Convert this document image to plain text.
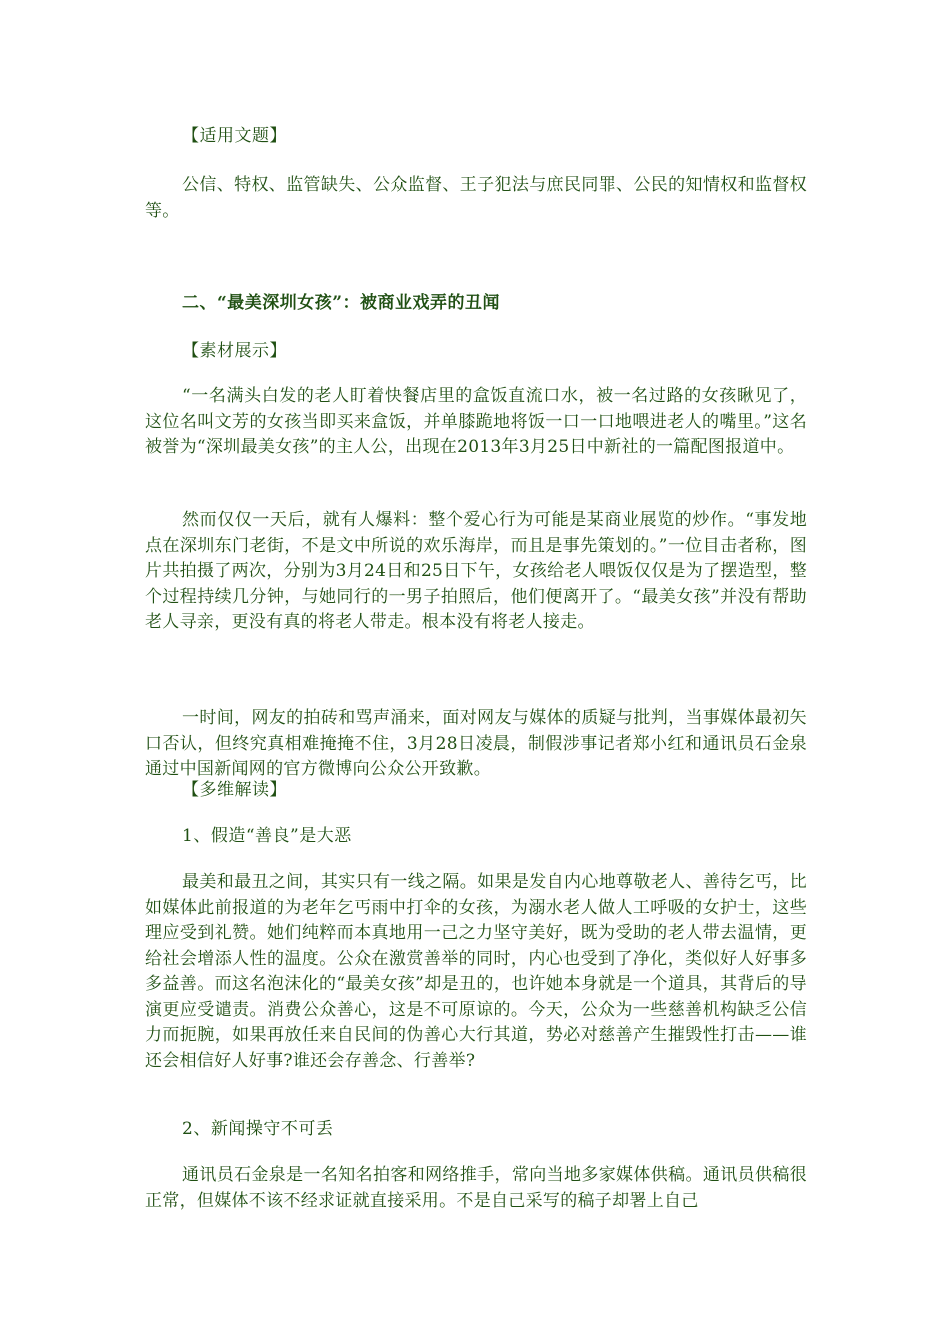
【适用文题】

公信、特权、监管缺失、公众监督、王子犯法与庶民同罪、公民的知情权和监督权等。

二、“最美深圳女孩”：被商业戏弄的丑闻

【素材展示】

“一名满头白发的老人盯着快餐店里的盒饭直流口水，被一名过路的女孩瞅见了，这位名叫文芳的女孩当即买来盒饭，并单膝跪地将饭一口一口地喂进老人的嘴里。”这名被誉为“深圳最美女孩”的主人公，出现在2013年3月25日中新社的一篇配图报道中。

然而仅仅一天后，就有人爆料：整个爱心行为可能是某商业展览的炒作。“事发地点在深圳东门老街，不是文中所说的欢乐海岸，而且是事先策划的。”一位目击者称，图片共拍摄了两次，分别为3月24日和25日下午，女孩给老人喂饭仅仅是为了摆造型，整个过程持续几分钟，与她同行的一男子拍照后，他们便离开了。“最美女孩”并没有帮助老人寻亲，更没有真的将老人带走。根本没有将老人接走。

一时间，网友的拍砖和骂声涌来，面对网友与媒体的质疑与批判，当事媒体最初矢口否认，但终究真相难掩掩不住，3月28日凌晨，制假涉事记者郑小红和通讯员石金泉通过中国新闻网的官方微博向公众公开致歉。

【多维解读】

1、假造“善良”是大恶

最美和最丑之间，其实只有一线之隔。如果是发自内心地尊敬老人、善待乞丐，比如媒体此前报道的为老年乞丐雨中打伞的女孩，为溺水老人做人工呼吸的女护士，这些理应受到礼赞。她们纯粹而本真地用一己之力坚守美好，既为受助的老人带去温情，更给社会增添人性的温度。公众在激赏善举的同时，内心也受到了净化，类似好人好事多多益善。而这名泡沫化的“最美女孩”却是丑的，也许她本身就是一个道具，其背后的导演更应受谴责。消费公众善心，这是不可原谅的。今天，公众为一些慈善机构缺乏公信力而扼腕，如果再放任来自民间的伪善心大行其道，势必对慈善产生摧毁性打击——谁还会相信好人好事?谁还会存善念、行善举?

2、新闻操守不可丢

通讯员石金泉是一名知名拍客和网络推手，常向当地多家媒体供稿。通讯员供稿很正常，但媒体不该不经求证就直接采用。不是自己采写的稿子却署上自己
